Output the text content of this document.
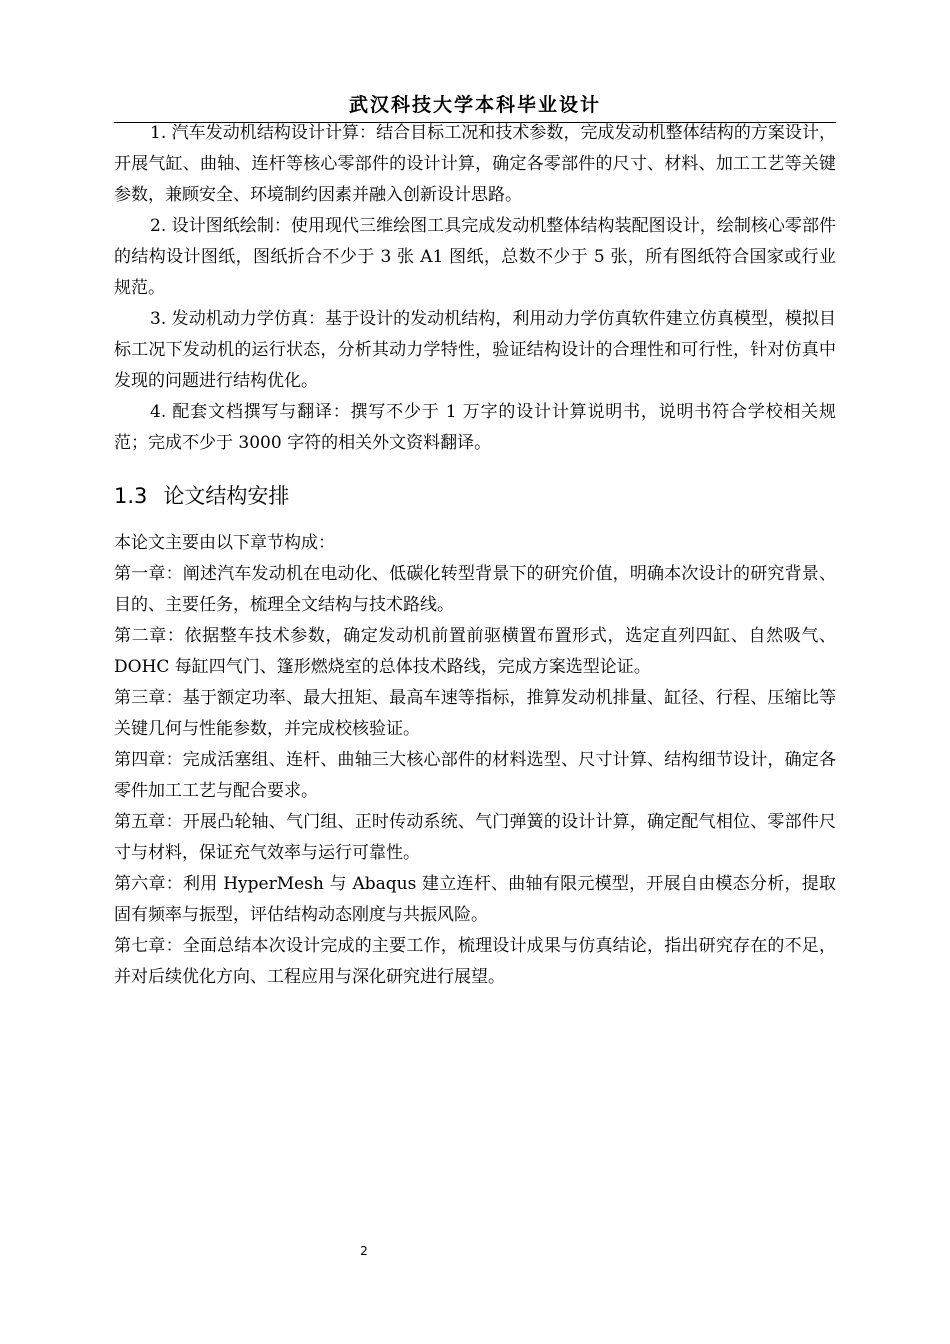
武汉科技大学本科毕业设计

1. 汽车发动机结构设计计算：结合目标工况和技术参数，完成发动机整体结构的方案设计，开展气缸、曲轴、连杆等核心零部件的设计计算，确定各零部件的尺寸、材料、加工工艺等关键参数，兼顾安全、环境制约因素并融入创新设计思路。

2. 设计图纸绘制：使用现代三维绘图工具完成发动机整体结构装配图设计，绘制核心零部件的结构设计图纸，图纸折合不少于 3 张 A1 图纸，总数不少于 5 张，所有图纸符合国家或行业规范。

3. 发动机动力学仿真：基于设计的发动机结构，利用动力学仿真软件建立仿真模型，模拟目标工况下发动机的运行状态，分析其动力学特性，验证结构设计的合理性和可行性，针对仿真中发现的问题进行结构优化。

4. 配套文档撰写与翻译：撰写不少于 1 万字的设计计算说明书，说明书符合学校相关规范；完成不少于 3000 字符的相关外文资料翻译。

1.3 论文结构安排

本论文主要由以下章节构成：

第一章：阐述汽车发动机在电动化、低碳化转型背景下的研究价值，明确本次设计的研究背景、目的、主要任务，梳理全文结构与技术路线。

第二章：依据整车技术参数，确定发动机前置前驱横置布置形式，选定直列四缸、自然吸气、DOHC 每缸四气门、篷形燃烧室的总体技术路线，完成方案选型论证。

第三章：基于额定功率、最大扭矩、最高车速等指标，推算发动机排量、缸径、行程、压缩比等关键几何与性能参数，并完成校核验证。

第四章：完成活塞组、连杆、曲轴三大核心部件的材料选型、尺寸计算、结构细节设计，确定各零件加工工艺与配合要求。

第五章：开展凸轮轴、气门组、正时传动系统、气门弹簧的设计计算，确定配气相位、零部件尺寸与材料，保证充气效率与运行可靠性。

第六章：利用 HyperMesh 与 Abaqus 建立连杆、曲轴有限元模型，开展自由模态分析，提取固有频率与振型，评估结构动态刚度与共振风险。

第七章：全面总结本次设计完成的主要工作，梳理设计成果与仿真结论，指出研究存在的不足，并对后续优化方向、工程应用与深化研究进行展望。

2
